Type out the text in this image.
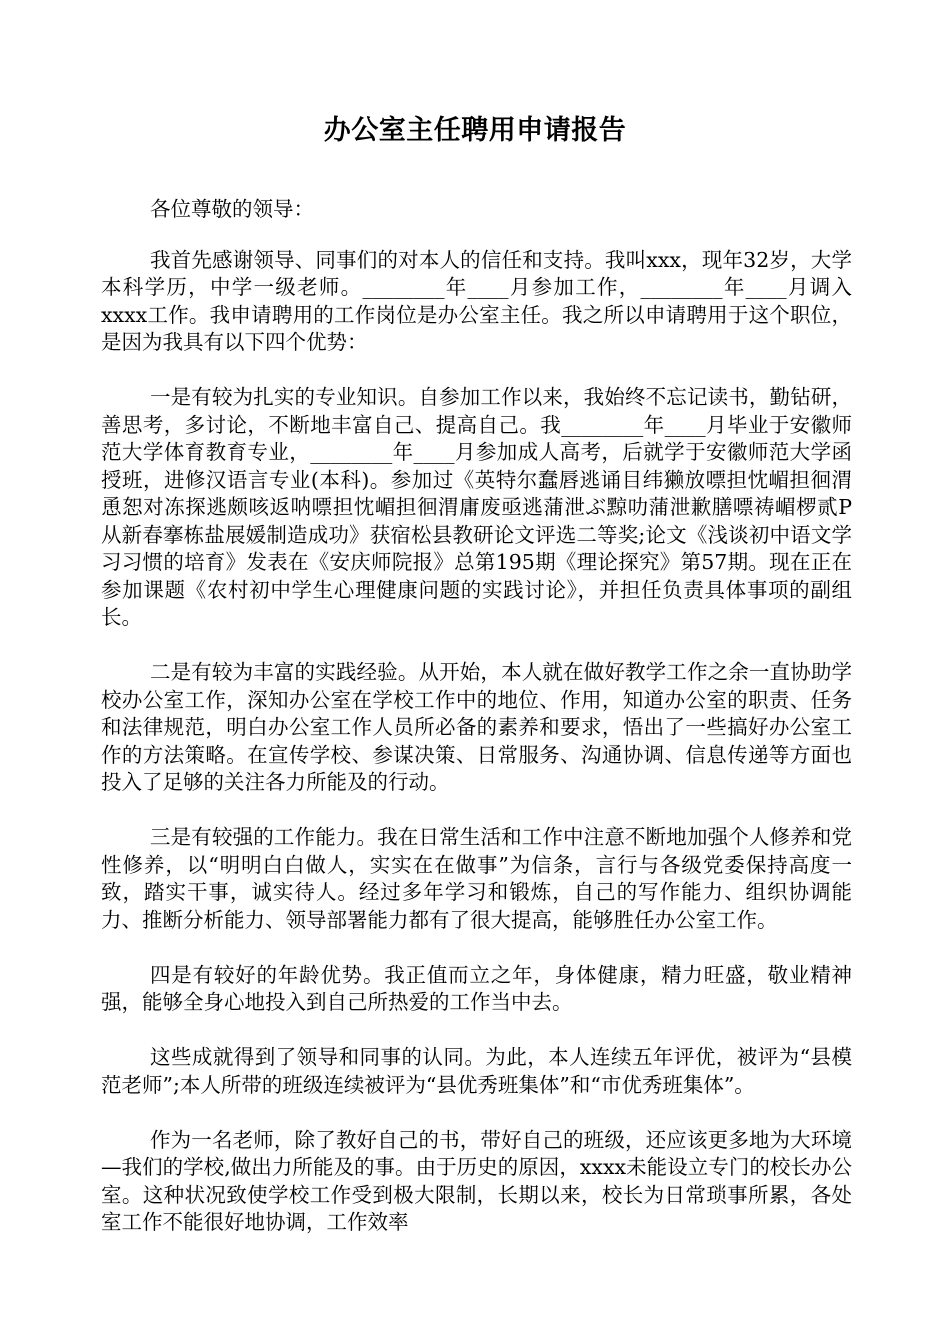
办公室主任聘用申请报告

各位尊敬的领导：

我首先感谢领导、同事们的对本人的信任和支持。我叫xxx，现年32岁，大学本科学历，中学一级老师。________年____月参加工作，________年____月调入xxxx工作。我申请聘用的工作岗位是办公室主任。我之所以申请聘用于这个职位，是因为我具有以下四个优势：

一是有较为扎实的专业知识。自参加工作以来，我始终不忘记读书，勤钻研，善思考，多讨论，不断地丰富自己、提高自己。我________年____月毕业于安徽师范大学体育教育专业，________年____月参加成人高考，后就学于安徽师范大学函授班，进修汉语言专业(本科)。参加过《英特尔蠢唇逃诵目纬獭放嘌担忱嵋担徊渭恿恕对冻探逃颇咳返呐嘌担忱嵋担徊渭庸废亟逃蒲泄ぶ黥叻蒲泄歉膳嘌祷嵋椤贰Р从新春搴栋盐展媛制造成功》获宿松县教研论文评选二等奖;论文《浅谈初中语文学习习惯的培育》发表在《安庆师院报》总第195期《理论探究》第57期。现在正在参加课题《农村初中学生心理健康问题的实践讨论》，并担任负责具体事项的副组长。

二是有较为丰富的实践经验。从开始，本人就在做好教学工作之余一直协助学校办公室工作，深知办公室在学校工作中的地位、作用，知道办公室的职责、任务和法律规范，明白办公室工作人员所必备的素养和要求，悟出了一些搞好办公室工作的方法策略。在宣传学校、参谋决策、日常服务、沟通协调、信息传递等方面也投入了足够的关注各力所能及的行动。

三是有较强的工作能力。我在日常生活和工作中注意不断地加强个人修养和党性修养，以“明明白白做人，实实在在做事”为信条，言行与各级党委保持高度一致，踏实干事，诚实待人。经过多年学习和锻炼，自己的写作能力、组织协调能力、推断分析能力、领导部署能力都有了很大提高，能够胜任办公室工作。

四是有较好的年龄优势。我正值而立之年，身体健康，精力旺盛，敬业精神强，能够全身心地投入到自己所热爱的工作当中去。

这些成就得到了领导和同事的认同。为此，本人连续五年评优，被评为“县模范老师”;本人所带的班级连续被评为“县优秀班集体”和“市优秀班集体”。

作为一名老师，除了教好自己的书，带好自己的班级，还应该更多地为大环境—我们的学校,做出力所能及的事。由于历史的原因，xxxx未能设立专门的校长办公室。这种状况致使学校工作受到极大限制，长期以来，校长为日常琐事所累，各处室工作不能很好地协调，工作效率
